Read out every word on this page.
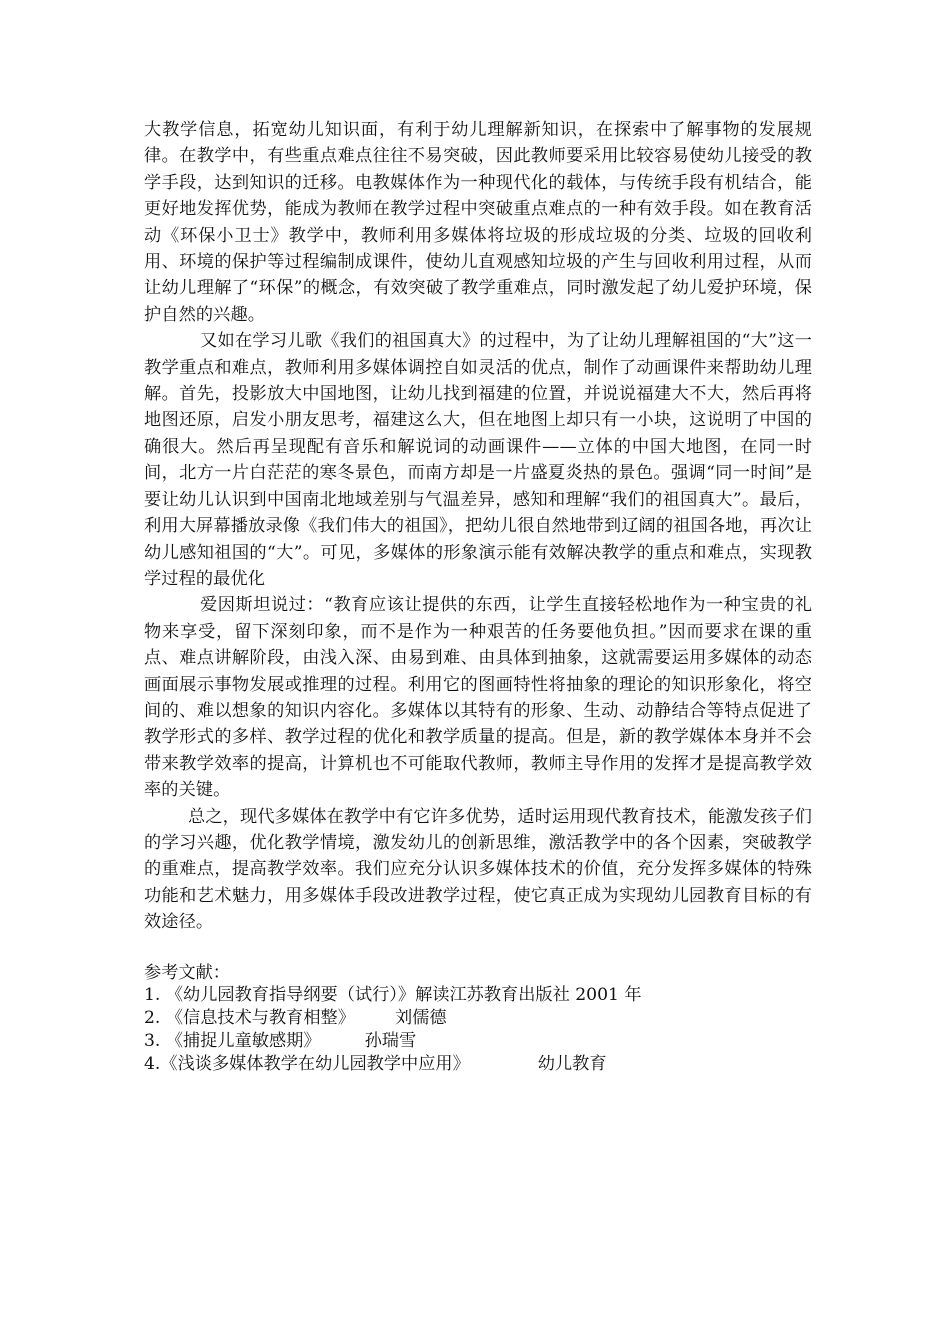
大教学信息，拓宽幼儿知识面，有利于幼儿理解新知识，在探索中了解事物的发展规律。在教学中，有些重点难点往往不易突破，因此教师要采用比较容易使幼儿接受的教学手段，达到知识的迁移。电教媒体作为一种现代化的载体，与传统手段有机结合，能更好地发挥优势，能成为教师在教学过程中突破重点难点的一种有效手段。如在教育活动《环保小卫士》教学中，教师利用多媒体将垃圾的形成垃圾的分类、垃圾的回收利用、环境的保护等过程编制成课件，使幼儿直观感知垃圾的产生与回收利用过程，从而让幼儿理解了“环保”的概念，有效突破了教学重难点，同时激发起了幼儿爱护环境，保护自然的兴趣。

又如在学习儿歌《我们的祖国真大》的过程中，为了让幼儿理解祖国的“大”这一教学重点和难点，教师利用多媒体调控自如灵活的优点，制作了动画课件来帮助幼儿理解。首先，投影放大中国地图，让幼儿找到福建的位置，并说说福建大不大，然后再将地图还原，启发小朋友思考，福建这么大，但在地图上却只有一小块，这说明了中国的确很大。然后再呈现配有音乐和解说词的动画课件——立体的中国大地图，在同一时间，北方一片白茫茫的寒冬景色，而南方却是一片盛夏炎热的景色。强调“同一时间”是要让幼儿认识到中国南北地域差别与气温差异，感知和理解“我们的祖国真大”。最后，利用大屏幕播放录像《我们伟大的祖国》，把幼儿很自然地带到辽阔的祖国各地，再次让幼儿感知祖国的“大”。可见，多媒体的形象演示能有效解决教学的重点和难点，实现教学过程的最优化

爱因斯坦说过：“教育应该让提供的东西，让学生直接轻松地作为一种宝贵的礼物来享受，留下深刻印象，而不是作为一种艰苦的任务要他负担。”因而要求在课的重点、难点讲解阶段，由浅入深、由易到难、由具体到抽象，这就需要运用多媒体的动态画面展示事物发展或推理的过程。利用它的图画特性将抽象的理论的知识形象化，将空间的、难以想象的知识内容化。多媒体以其特有的形象、生动、动静结合等特点促进了教学形式的多样、教学过程的优化和教学质量的提高。但是，新的教学媒体本身并不会带来教学效率的提高，计算机也不可能取代教师，教师主导作用的发挥才是提高教学效率的关键。

总之，现代多媒体在教学中有它许多优势，适时运用现代教育技术，能激发孩子们的学习兴趣，优化教学情境，激发幼儿的创新思维，激活教学中的各个因素，突破教学的重难点，提高教学效率。我们应充分认识多媒体技术的价值，充分发挥多媒体的特殊功能和艺术魅力，用多媒体手段改进教学过程，使它真正成为实现幼儿园教育目标的有效途径。

参考文献：

1. 《幼儿园教育指导纲要（试行）》解读江苏教育出版社 2001 年
2. 《信息技术与教育相整》 刘儒德
3. 《捕捉儿童敏感期》	孙瑞雪
4.《浅谈多媒体教学在幼儿园教学中应用》	幼儿教育
